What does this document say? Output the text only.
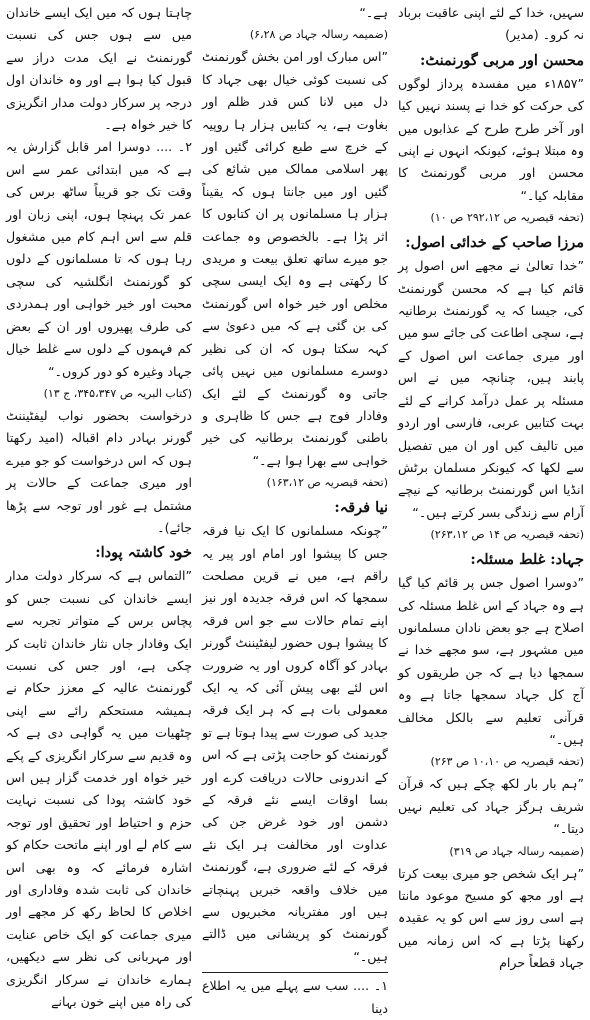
سہیں، خدا کے لئے اپنی عاقبت برباد نہ کرو۔ (مدیر)

محسن اور مربی گورنمنٹ:

”۱۸۵۷ء میں مفسدہ پرداز لوگوں کی حرکت کو خدا نے پسند نہیں کیا اور آخر طرح طرح کے عذابوں میں وہ مبتلا ہوئے، کیونکہ انہوں نے اپنی محسن اور مربی گورنمنٹ کا مقابلہ کیا۔“

(تحفہ قیصریہ ص ۲۹۲،۱۲ ص ۱۰)

مرزا صاحب کے خدائی اصول:

”خدا تعالیٰ نے مجھے اس اصول پر قائم کیا ہے کہ محسن گورنمنٹ کی، جیسا کہ یہ گورنمنٹ برطانیہ ہے، سچی اطاعت کی جائے سو میں اور میری جماعت اس اصول کے پابند ہیں، چنانچہ میں نے اس مسئلہ پر عمل درآمد کرانے کے لئے بہت کتابیں عربی، فارسی اور اردو میں تالیف کیں اور ان میں تفصیل سے لکھا کہ کیونکر مسلمان برٹش انڈیا اس گورنمنٹ برطانیہ کے نیچے آرام سے زندگی بسر کرتے ہیں۔“

(تحفہ قیصریہ ص ۱۴ ص ۲۶۳،۱۲)

جہاد: غلط مسئلہ:

”دوسرا اصول جس پر قائم کیا گیا ہے وہ جہاد کے اس غلط مسئلہ کی اصلاح ہے جو بعض نادان مسلمانوں میں مشہور ہے، سو مجھے خدا نے سمجھا دیا ہے کہ جن طریقوں کو آج کل جہاد سمجھا جاتا ہے وہ قرآنی تعلیم سے بالکل مخالف ہیں۔“

(تحفہ قیصریہ ص ۱۰،۱۰ ص ۲۶۳)

”ہم بار بار لکھ چکے ہیں کہ قرآن شریف ہرگز جہاد کی تعلیم نہیں دیتا۔“

(ضمیمہ رسالہ جہاد ص ۳۱۹)

”ہر ایک شخص جو میری بیعت کرتا ہے اور مجھ کو مسیح موعود مانتا ہے اسی روز سے اس کو یہ عقیدہ رکھنا پڑتا ہے کہ اس زمانہ میں جہاد قطعاً حرام

ہے۔“

(ضمیمہ رسالہ جہاد ص ۶،۲۸)

”اس مبارک اور امن بخش گورنمنٹ کی نسبت کوئی خیال بھی جہاد کا دل میں لانا کس قدر ظلم اور بغاوت ہے، یہ کتابیں ہزار ہا روپیہ کے خرچ سے طبع کرائی گئیں اور پھر اسلامی ممالک میں شائع کی گئیں اور میں جانتا ہوں کہ یقیناً ہزار ہا مسلمانوں پر ان کتابوں کا اثر پڑا ہے۔ بالخصوص وہ جماعت جو میرے ساتھ تعلق بیعت و مریدی کا رکھتی ہے وہ ایک ایسی سچی مخلص اور خیر خواہ اس گورنمنٹ کی بن گئی ہے کہ میں دعویٰ سے کہہ سکتا ہوں کہ ان کی نظیر دوسرے مسلمانوں میں نہیں پائی جاتی وہ گورنمنٹ کے لئے ایک وفادار فوج ہے جس کا ظاہری و باطنی گورنمنٹ برطانیہ کی خیر خواہی سے بھرا ہوا ہے۔“

(تحفہ قیصریہ ص ۱۶۳،۱۲)

نیا فرقہ:

”چونکہ مسلمانوں کا ایک نیا فرقہ جس کا پیشوا اور امام اور پیر یہ راقم ہے، میں نے قرین مصلحت سمجھا کہ اس فرقہ جدیدہ اور نیز اپنے تمام حالات سے جو اس فرقہ کا پیشوا ہوں حضور لیفٹیننٹ گورنر بہادر کو آگاہ کروں اور یہ ضرورت اس لئے بھی پیش آئی کہ یہ ایک معمولی بات ہے کہ ہر ایک فرقہ جدید کی صورت سے پیدا ہوتا ہے تو گورنمنٹ کو حاجت پڑتی ہے کہ اس کے اندرونی حالات دریافت کرے اور بسا اوقات ایسے نئے فرقہ کے دشمن اور خود غرض جن کی عداوت اور مخالفت ہر ایک نئے فرقہ کے لئے ضروری ہے، گورنمنٹ میں خلاف واقعہ خبریں پہنچاتے ہیں اور مفتریانہ مخبریوں سے گورنمنٹ کو پریشانی میں ڈالتے ہیں۔“

۱۔ .... سب سے پہلے میں یہ اطلاع دینا

چاہتا ہوں کہ میں ایک ایسے خاندان میں سے ہوں جس کی نسبت گورنمنٹ نے ایک مدت دراز سے قبول کیا ہوا ہے اور وہ خاندان اول درجہ پر سرکار دولت مدار انگریزی کا خیر خواہ ہے۔

۲۔ .... دوسرا امر قابل گزارش یہ ہے کہ میں ابتدائی عمر سے اس وقت تک جو قریباً ساٹھ برس کی عمر تک پہنچا ہوں، اپنی زبان اور قلم سے اس اہم کام میں مشغول رہا ہوں کہ تا مسلمانوں کے دلوں کو گورنمنٹ انگلشیہ کی سچی محبت اور خیر خواہی اور ہمدردی کی طرف پھیروں اور ان کے بعض کم فہموں کے دلوں سے غلط خیال جہاد وغیرہ کو دور کروں۔“

(کتاب البریہ ص ۳۴۵،۳۴۷، ج ۱۳)

درخواست بحضور نواب لیفٹیننٹ گورنر بہادر دام اقبالہ (امید رکھتا ہوں کہ اس درخواست کو جو میرے اور میری جماعت کے حالات پر مشتمل ہے غور اور توجہ سے پڑھا جائے)۔

خود کاشتہ پودا:

”التماس ہے کہ سرکار دولت مدار ایسے خاندان کی نسبت جس کو پچاس برس کے متواتر تجربہ سے ایک وفادار جاں نثار خاندان ثابت کر چکی ہے، اور جس کی نسبت گورنمنٹ عالیہ کے معزز حکام نے ہمیشہ مستحکم رائے سے اپنی چٹھیات میں یہ گواہی دی ہے کہ وہ قدیم سے سرکار انگریزی کے پکے خیر خواہ اور خدمت گزار ہیں اس خود کاشتہ پودا کی نسبت نہایت حزم و احتیاط اور تحقیق اور توجہ سے کام لے اور اپنے ماتحت حکام کو اشارہ فرمائے کہ وہ بھی اس خاندان کی ثابت شدہ وفاداری اور اخلاص کا لحاظ رکھ کر مجھے اور میری جماعت کو ایک خاص عنایت اور مہربانی کی نظر سے دیکھیں، ہمارے خاندان نے سرکار انگریزی کی راہ میں اپنے خون بہانے
